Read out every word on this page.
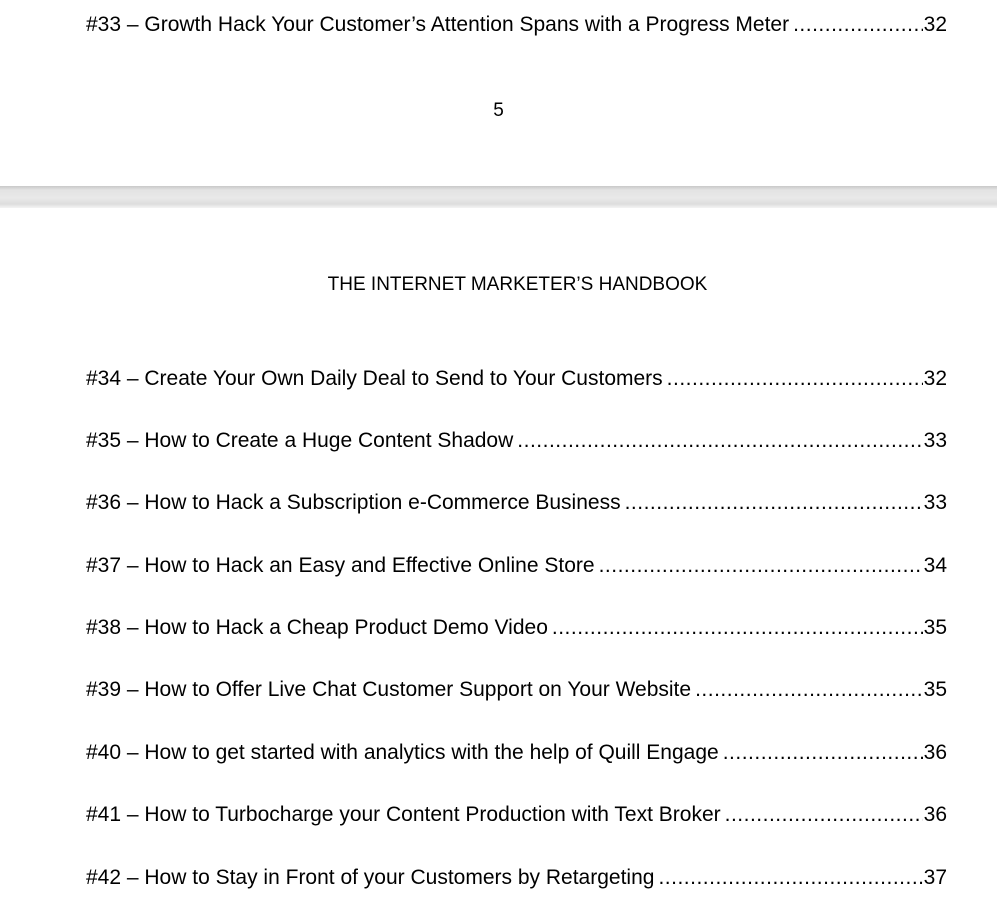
#33 – Growth Hack Your Customer’s Attention Spans with a Progress Meter .....	32
5
THE INTERNET MARKETER’S HANDBOOK
#34 – Create Your Own Daily Deal to Send to Your Customers .....	32
#35 – How to Create a Huge Content Shadow .....	33
#36 – How to Hack a Subscription e-Commerce Business .....	33
#37 – How to Hack an Easy and Effective Online Store .....	34
#38 – How to Hack a Cheap Product Demo Video .....	35
#39 – How to Offer Live Chat Customer Support on Your Website .....	35
#40 – How to get started with analytics with the help of Quill Engage .....	36
#41 – How to Turbocharge your Content Production with Text Broker .....	36
#42 – How to Stay in Front of your Customers by Retargeting .....	37
